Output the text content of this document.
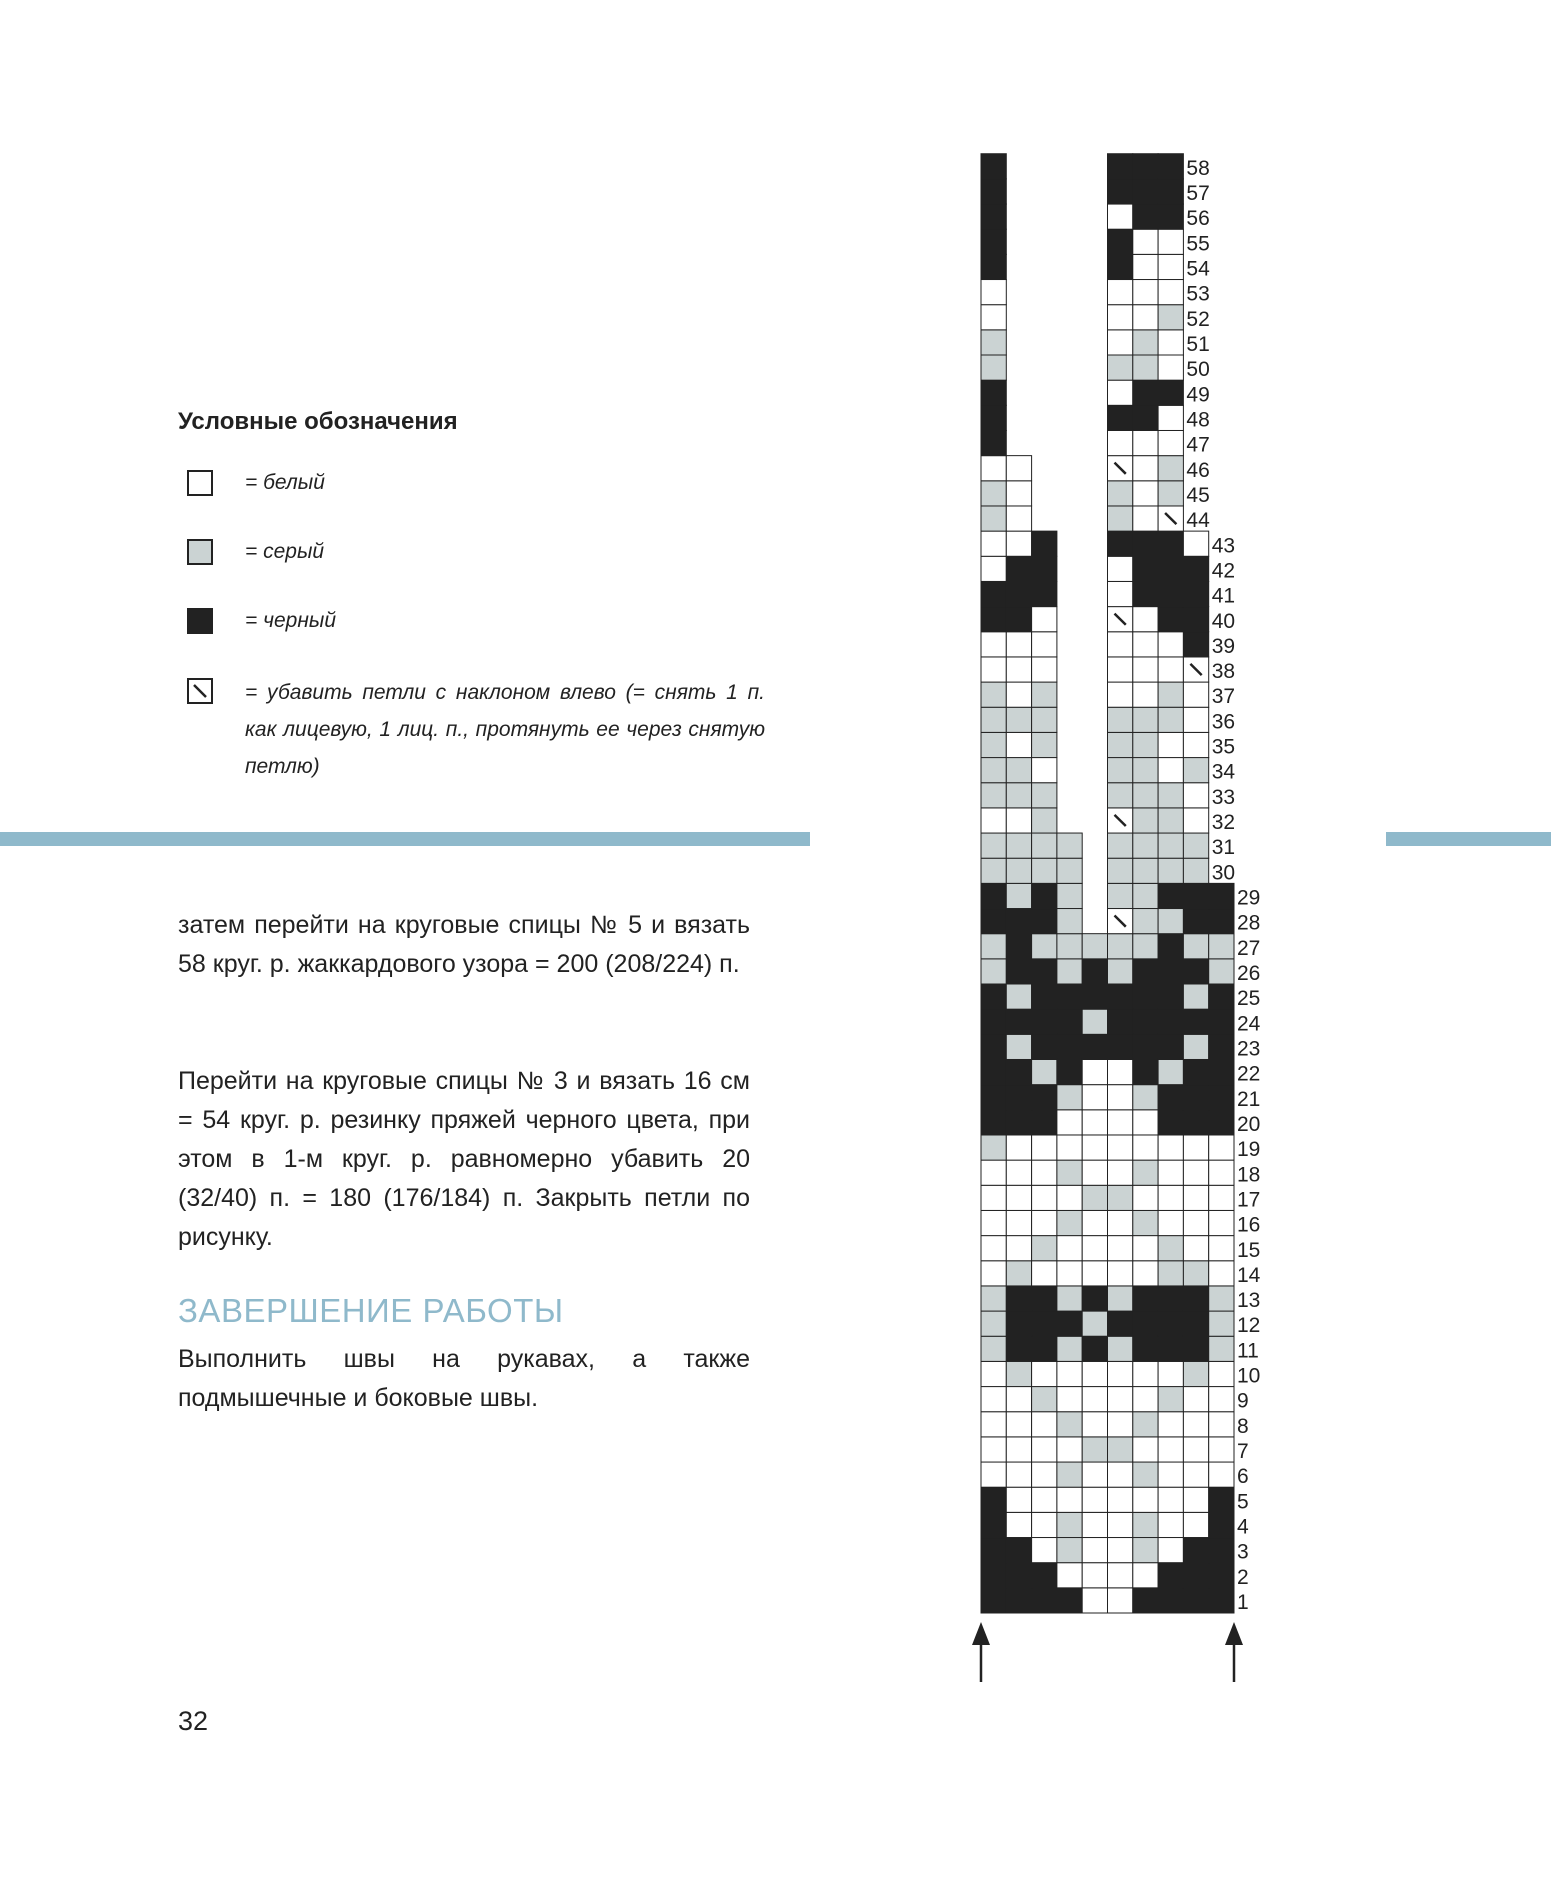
Условные обозначения
= белый
= серый
= черный
= убавить петли с наклоном влево (= снять 1 п. как лицевую, 1 лиц. п., протянуть ее через снятую петлю)
затем перейти на круговые спицы № 5 и вязать 58 круг. р. жаккардового узора = 200 (208/224) п.
Перейти на круговые спицы № 3 и вязать 16 см = 54 круг. р. резинку пряжей черного цвета, при этом в 1-м круг. р. равномерно убавить 20 (32/40) п. = 180 (176/184) п. Закрыть петли по рисунку.
ЗАВЕРШЕНИЕ РАБОТЫ
Выполнить швы на рукавах, а также подмышечные и боковые швы.
32
1
2
3
4
5
6
7
8
9
10
11
12
13
14
15
16
17
18
19
20
21
22
23
24
25
26
27
28
29
30
31
32
33
34
35
36
37
38
39
40
41
42
43
44
45
46
47
48
49
50
51
52
53
54
55
56
57
58
